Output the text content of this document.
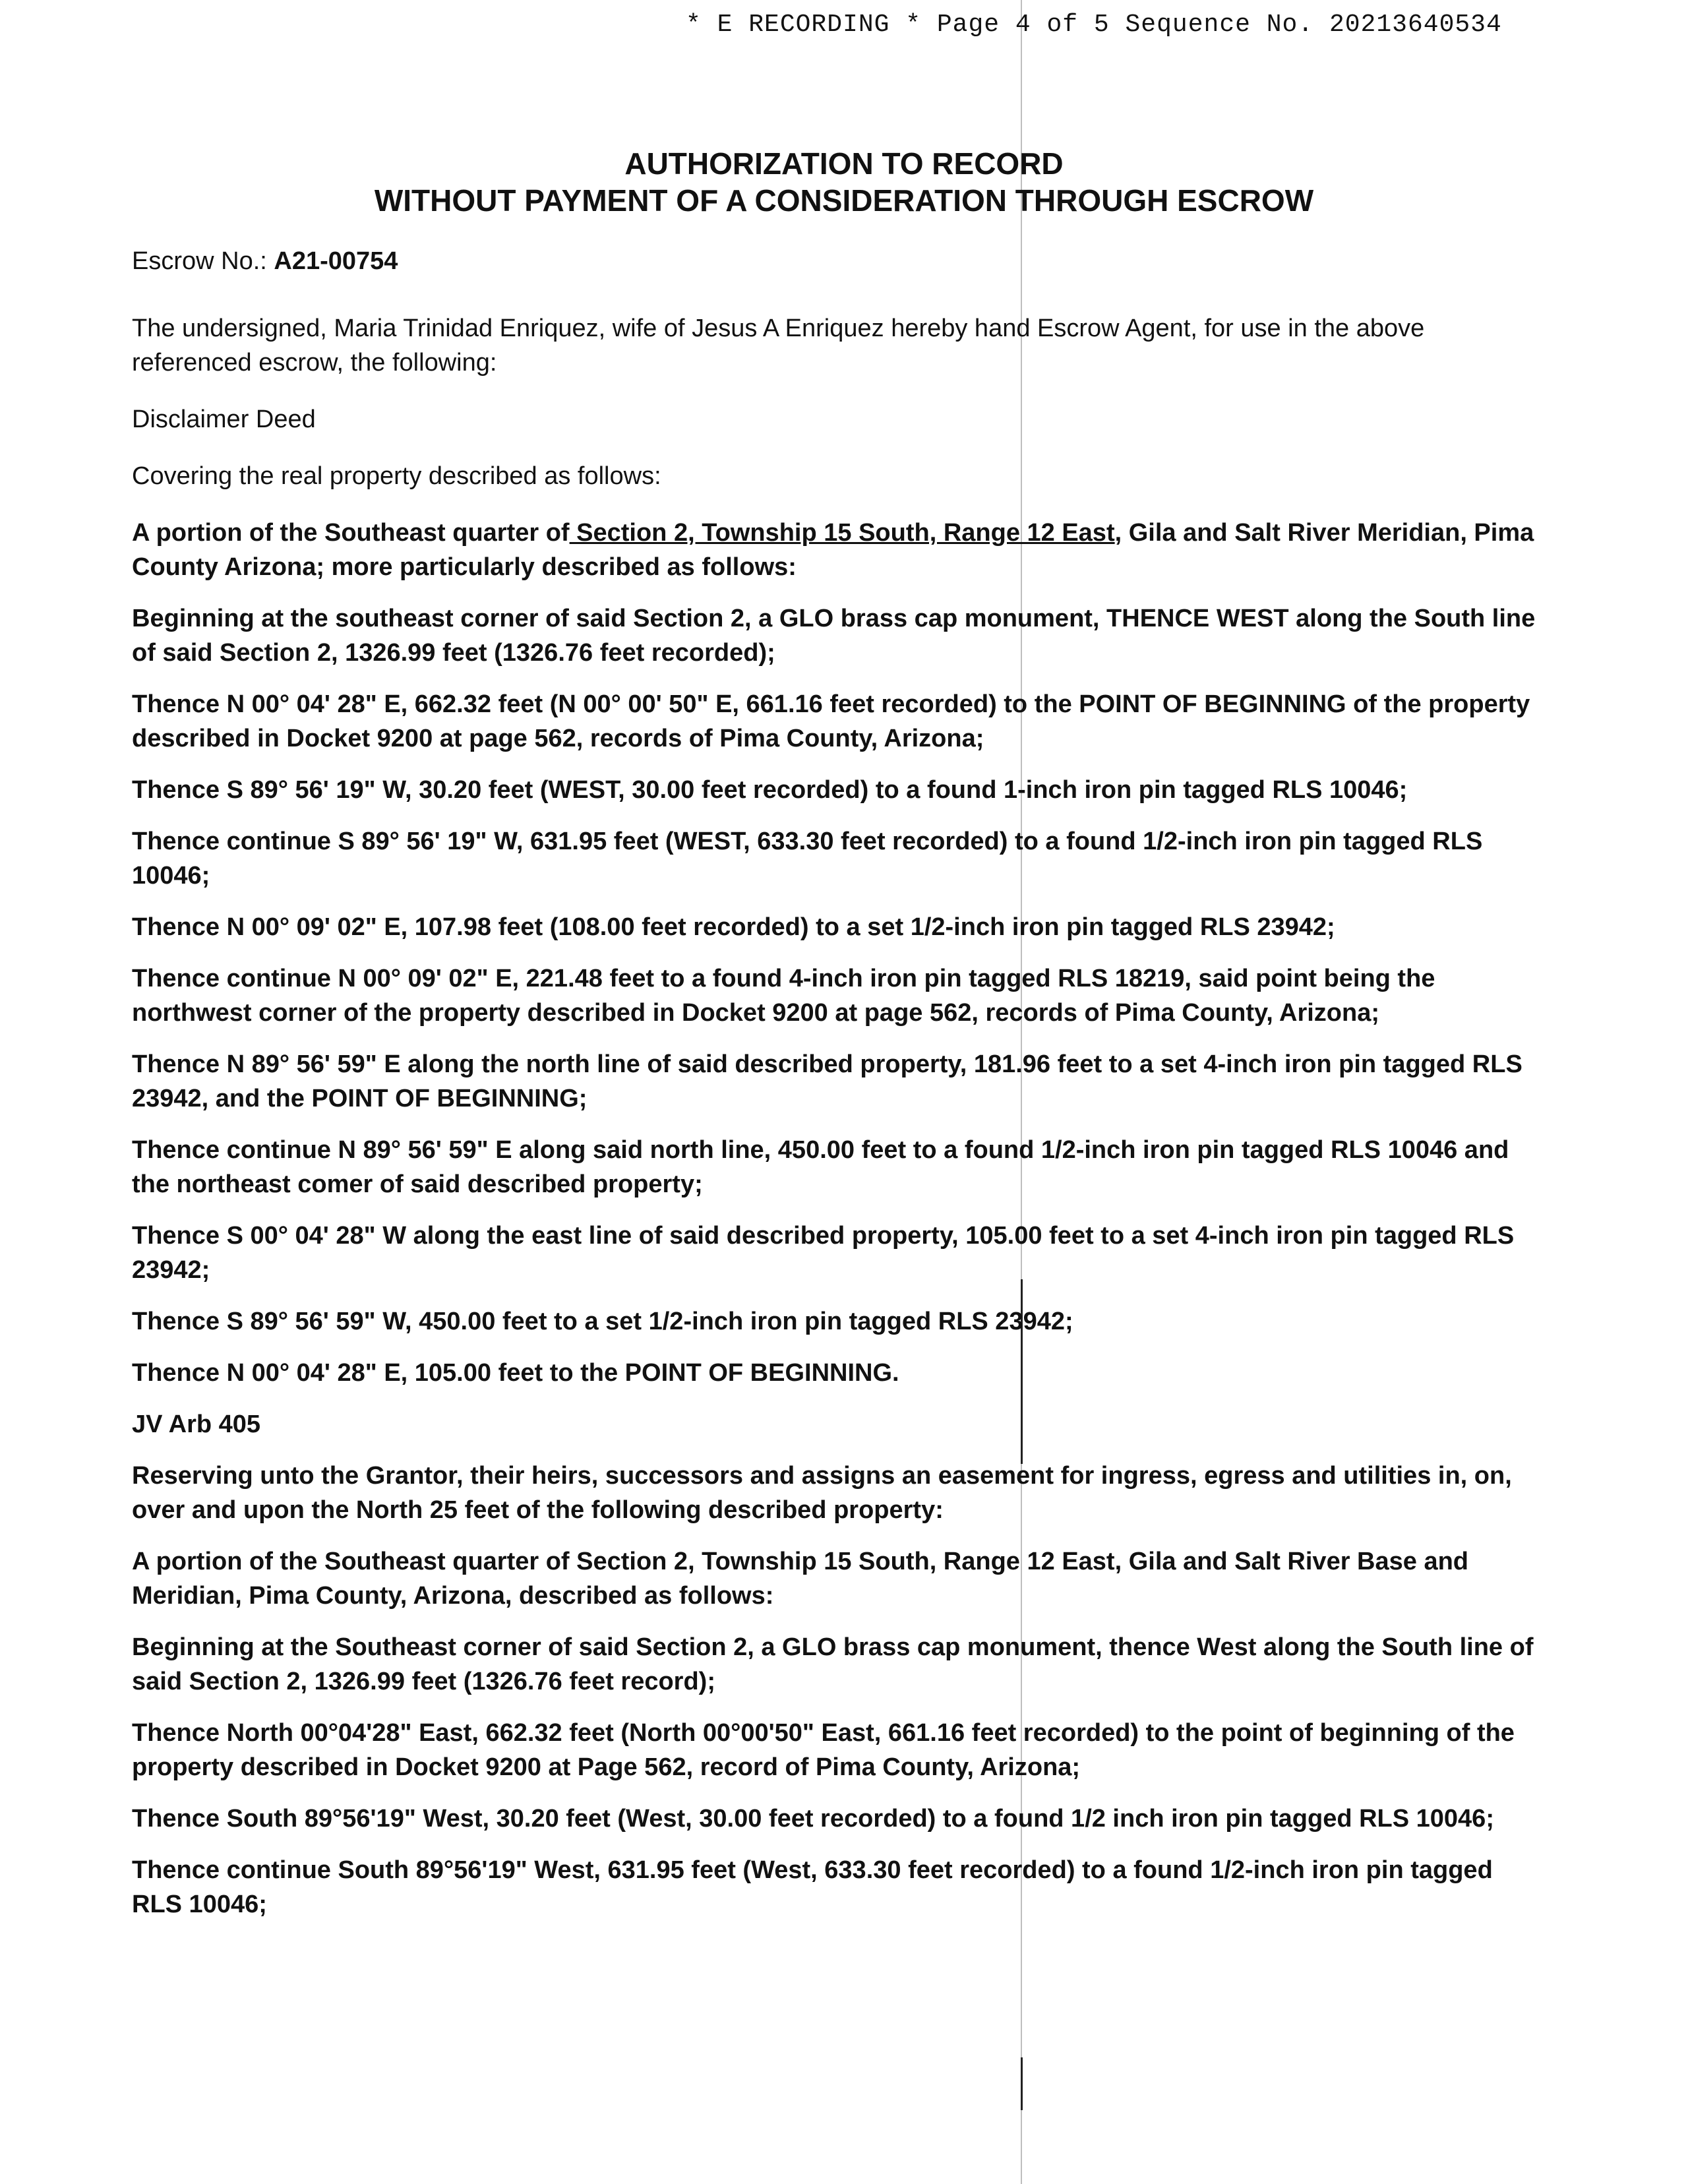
* E RECORDING * Page 4 of 5 Sequence No. 20213640534
AUTHORIZATION TO RECORD
WITHOUT PAYMENT OF A CONSIDERATION THROUGH ESCROW

Escrow No.: A21-00754

The undersigned, Maria Trinidad Enriquez, wife of Jesus A Enriquez hereby hand Escrow Agent, for use in the above referenced escrow, the following:

Disclaimer Deed

Covering the real property described as follows:

A portion of the Southeast quarter of Section 2, Township 15 South, Range 12 East, Gila and Salt River Meridian, Pima County Arizona; more particularly described as follows:

Beginning at the southeast corner of said Section 2, a GLO brass cap monument, THENCE WEST along the South line of said Section 2, 1326.99 feet (1326.76 feet recorded);

Thence N 00° 04' 28" E, 662.32 feet (N 00° 00' 50" E, 661.16 feet recorded) to the POINT OF BEGINNING of the property described in Docket 9200 at page 562, records of Pima County, Arizona;

Thence S 89° 56' 19" W, 30.20 feet (WEST, 30.00 feet recorded) to a found 1-inch iron pin tagged RLS 10046;

Thence continue S 89° 56' 19" W, 631.95 feet (WEST, 633.30 feet recorded) to a found 1/2-inch iron pin tagged RLS 10046;

Thence N 00° 09' 02" E, 107.98 feet (108.00 feet recorded) to a set 1/2-inch iron pin tagged RLS 23942;

Thence continue N 00° 09' 02" E, 221.48 feet to a found 4-inch iron pin tagged RLS 18219, said point being the northwest corner of the property described in Docket 9200 at page 562, records of Pima County, Arizona;

Thence N 89° 56' 59" E along the north line of said described property, 181.96 feet to a set 4-inch iron pin tagged RLS 23942, and the POINT OF BEGINNING;

Thence continue N 89° 56' 59" E along said north line, 450.00 feet to a found 1/2-inch iron pin tagged RLS 10046 and the northeast comer of said described property;

Thence S 00° 04' 28" W along the east line of said described property, 105.00 feet to a set 4-inch iron pin tagged RLS 23942;

Thence S 89° 56' 59" W, 450.00 feet to a set 1/2-inch iron pin tagged RLS 23942;

Thence N 00° 04' 28" E, 105.00 feet to the POINT OF BEGINNING.

JV Arb 405

Reserving unto the Grantor, their heirs, successors and assigns an easement for ingress, egress and utilities in, on, over and upon the North 25 feet of the following described property:

A portion of the Southeast quarter of Section 2, Township 15 South, Range 12 East, Gila and Salt River Base and Meridian, Pima County, Arizona, described as follows:

Beginning at the Southeast corner of said Section 2, a GLO brass cap monument, thence West along the South line of said Section 2, 1326.99 feet (1326.76 feet record);

Thence North 00°04'28" East, 662.32 feet (North 00°00'50" East, 661.16 feet recorded) to the point of beginning of the property described in Docket 9200 at Page 562, record of Pima County, Arizona;

Thence South 89°56'19" West, 30.20 feet (West, 30.00 feet recorded) to a found 1/2 inch iron pin tagged RLS 10046;

Thence continue South 89°56'19" West, 631.95 feet (West, 633.30 feet recorded) to a found 1/2-inch iron pin tagged RLS 10046;
